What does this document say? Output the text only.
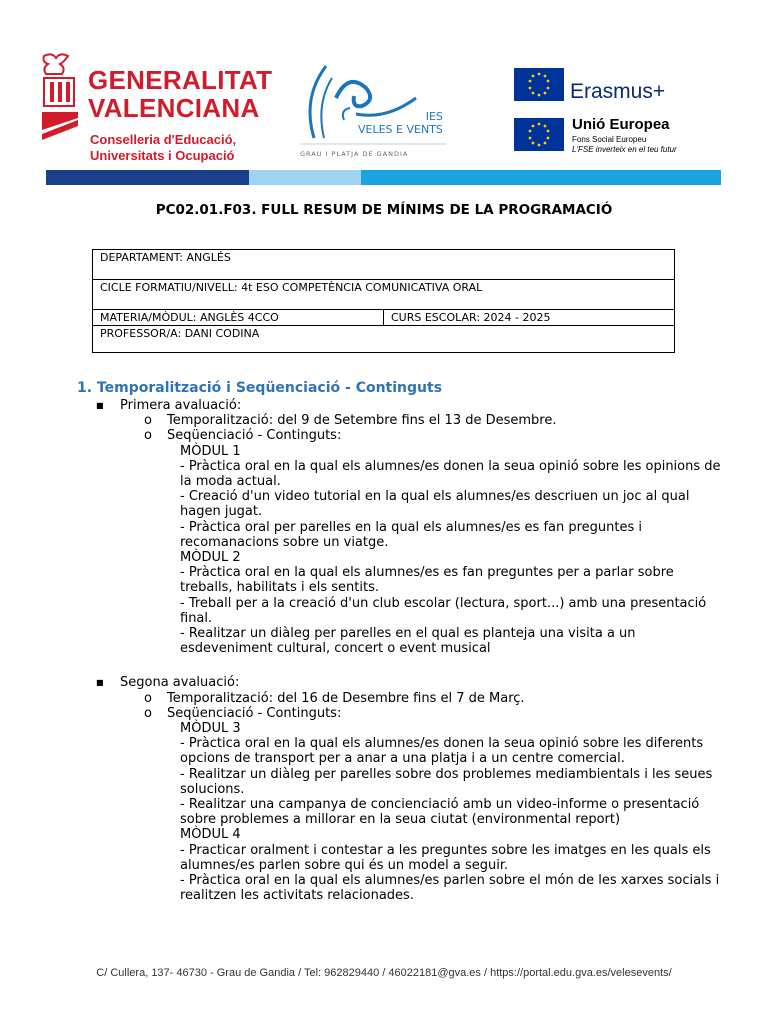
GENERALITAT
VALENCIANA
Conselleria d'Educació,
Universitats i Ocupació
IES
VELES E VENTS
GRAU I PLATJA DE GANDIA
Erasmus+
Unió Europea
Fons Social Europeu
L'FSE inverteix en el teu futur
PC02.01.F03. FULL RESUM DE MÍNIMS DE LA PROGRAMACIÓ
DEPARTAMENT: ANGLÉS
CICLE FORMATIU/NIVELL: 4t ESO COMPETÈNCIA COMUNICATIVA ORAL
MATERIA/MÒDUL: ANGLÈS 4CCO	CURS ESCOLAR: 2024 - 2025
PROFESSOR/A: DANI CODINA
1. Temporalització i Seqüenciació - Continguts
■ Primera avaluació:
o Temporalització: del 9 de Setembre fins el 13 de Desembre.
o Seqüenciació - Continguts:
MÒDUL 1
- Pràctica oral en la qual els alumnes/es donen la seua opinió sobre les opinions de la moda actual.
- Creació d'un video tutorial en la qual els alumnes/es descriuen un joc al qual hagen jugat.
- Pràctica oral per parelles en la qual els alumnes/es es fan preguntes i recomanacions sobre un viatge.
MÒDUL 2
- Pràctica oral en la qual els alumnes/es es fan preguntes per a parlar sobre treballs, habilitats i els sentits.
- Treball per a la creació d'un club escolar (lectura, sport...) amb una presentació final.
- Realitzar un diàleg per parelles en el qual es planteja una visita a un esdeveniment cultural, concert o event musical
■ Segona avaluació:
o Temporalització: del 16 de Desembre fins el 7 de Març.
o Seqüenciació - Continguts:
MÒDUL 3
- Pràctica oral en la qual els alumnes/es donen la seua opinió sobre les diferents opcions de transport per a anar a una platja i a un centre comercial.
- Realitzar un diàleg per parelles sobre dos problemes mediambientals i les seues solucions.
- Realitzar una campanya de concienciació amb un video-informe o presentació sobre problemes a millorar en la seua ciutat (environmental report)
MÒDUL 4
- Practicar oralment i contestar a les preguntes sobre les imatges en les quals els alumnes/es parlen sobre qui és un model a seguir.
- Pràctica oral en la qual els alumnes/es parlen sobre el món de les xarxes socials i realitzen les activitats relacionades.
C/ Cullera, 137- 46730 - Grau de Gandia / Tel: 962829440 / 46022181@gva.es / https://portal.edu.gva.es/velesevents/
